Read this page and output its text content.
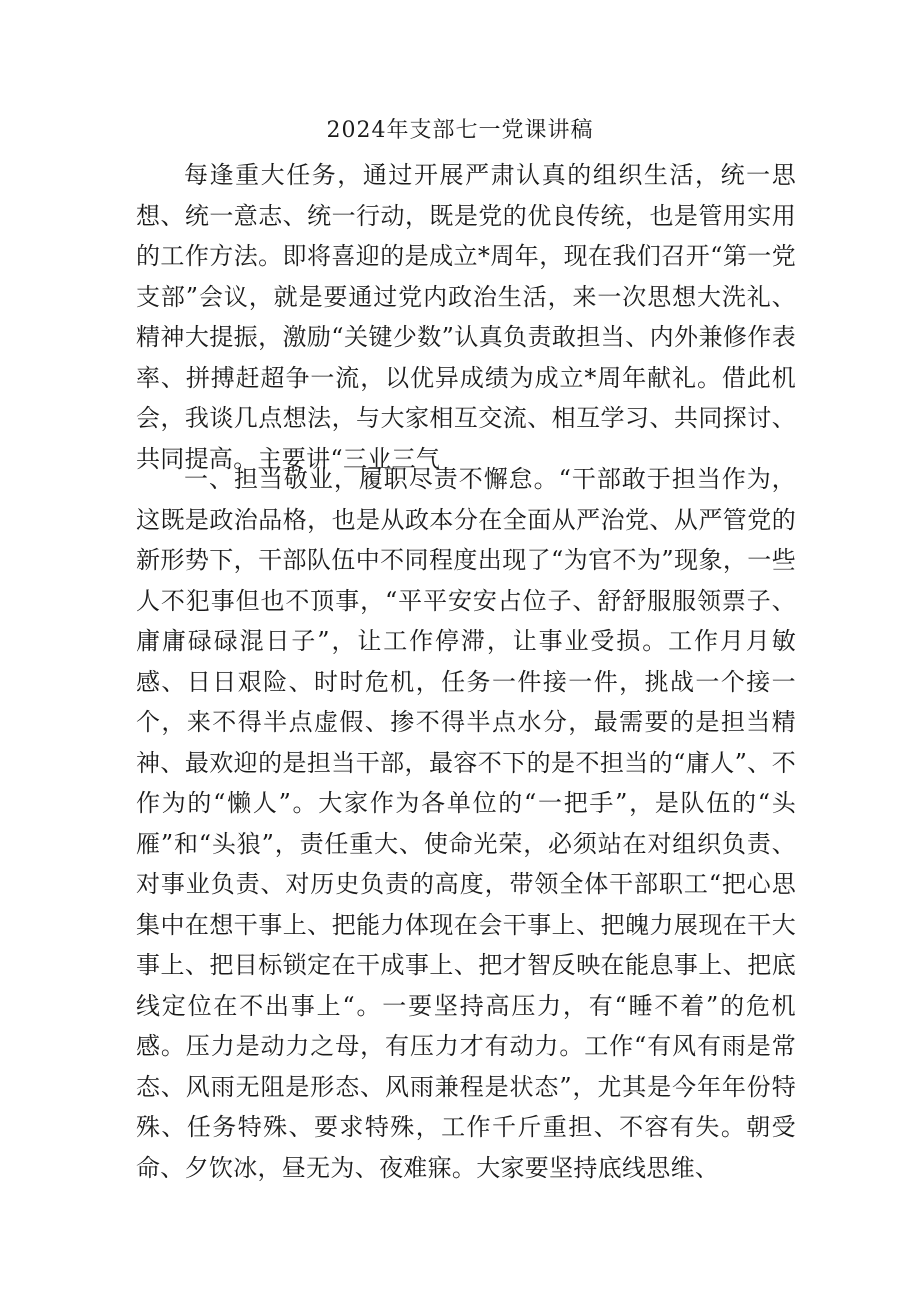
2024年支部七一党课讲稿

每逢重大任务，通过开展严肃认真的组织生活，统一思想、统一意志、统一行动，既是党的优良传统，也是管用实用的工作方法。即将喜迎的是成立*周年，现在我们召开“第一党支部”会议，就是要通过党内政治生活，来一次思想大洗礼、精神大提振，激励“关键少数”认真负责敢担当、内外兼修作表率、拼搏赶超争一流，以优异成绩为成立*周年献礼。借此机会，我谈几点想法，与大家相互交流、相互学习、共同探讨、共同提高。主要讲“三业三气

一、担当敬业，履职尽责不懈怠。“干部敢于担当作为，这既是政治品格，也是从政本分在全面从严治党、从严管党的新形势下，干部队伍中不同程度出现了“为官不为”现象，一些人不犯事但也不顶事，“平平安安占位子、舒舒服服领票子、庸庸碌碌混日子”，让工作停滞，让事业受损。工作月月敏感、日日艰险、时时危机，任务一件接一件，挑战一个接一个，来不得半点虚假、掺不得半点水分，最需要的是担当精神、最欢迎的是担当干部，最容不下的是不担当的“庸人”、不作为的“懒人”。大家作为各单位的“一把手”，是队伍的“头雁”和“头狼”，责任重大、使命光荣，必须站在对组织负责、对事业负责、对历史负责的高度，带领全体干部职工“把心思集中在想干事上、把能力体现在会干事上、把魄力展现在干大事上、把目标锁定在干成事上、把才智反映在能息事上、把底线定位在不出事上“。一要坚持高压力，有“睡不着”的危机感。压力是动力之母，有压力才有动力。工作“有风有雨是常态、风雨无阻是形态、风雨兼程是状态”，尤其是今年年份特殊、任务特殊、要求特殊，工作千斤重担、不容有失。朝受命、夕饮冰，昼无为、夜难寐。大家要坚持底线思维、
